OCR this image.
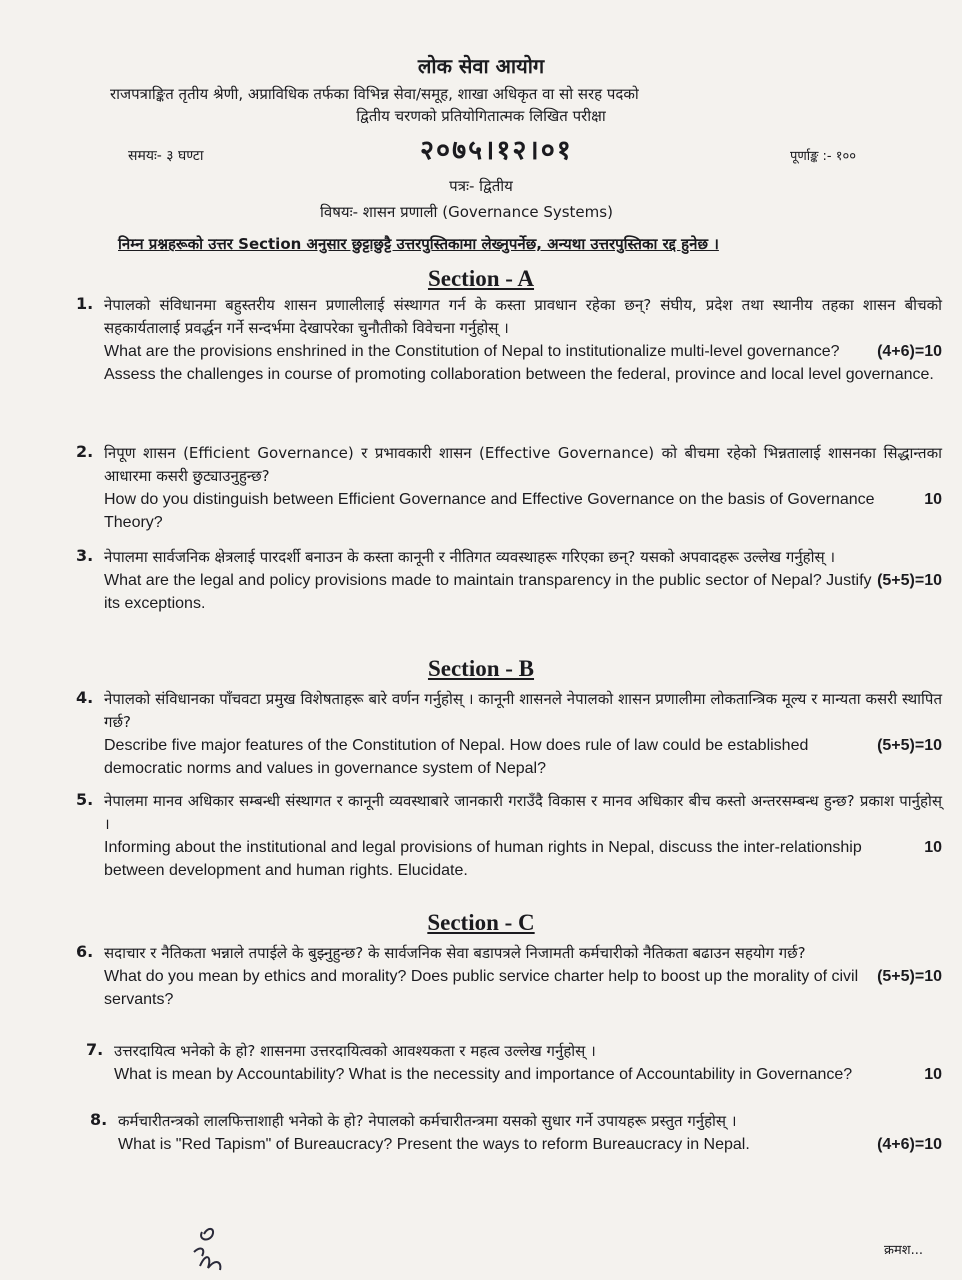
लोक सेवा आयोग
राजपत्राङ्कित तृतीय श्रेणी, अप्राविधिक तर्फका विभिन्न सेवा/समूह, शाखा अधिकृत वा सो सरह पदको
द्वितीय चरणको प्रतियोगितात्मक लिखित परीक्षा
२०७५।१२।०१
समयः- ३ घण्टा	पूर्णाङ्क :- १००
पत्रः- द्वितीय
विषयः- शासन प्रणाली (Governance Systems)
निम्न प्रश्नहरूको उत्तर Section अनुसार छुट्टाछुट्टै उत्तरपुस्तिकामा लेख्नुपर्नेछ, अन्यथा उत्तरपुस्तिका रद्द हुनेछ ।
Section - A
1. नेपालको संविधानमा बहुस्तरीय शासन प्रणालीलाई संस्थागत गर्न के कस्ता प्रावधान रहेका छन्? संघीय, प्रदेश तथा स्थानीय तहका शासन बीचको सहकार्यतालाई प्रवर्द्धन गर्ने सन्दर्भमा देखापरेका चुनौतीको विवेचना गर्नुहोस् ।
(4+6)=10
What are the provisions enshrined in the Constitution of Nepal to institutionalize multi-level governance? Assess the challenges in course of promoting collaboration between the federal, province and local level governance.
2. निपूण शासन (Efficient Governance) र प्रभावकारी शासन (Effective Governance) को बीचमा रहेको भिन्नतालाई शासनका सिद्धान्तका आधारमा कसरी छुट्याउनुहुन्छ?
10
How do you distinguish between Efficient Governance and Effective Governance on the basis of Governance Theory?
3. नेपालमा सार्वजनिक क्षेत्रलाई पारदर्शी बनाउन के कस्ता कानूनी र नीतिगत व्यवस्थाहरू गरिएका छन्? यसको अपवादहरू उल्लेख गर्नुहोस् ।
(5+5)=10
What are the legal and policy provisions made to maintain transparency in the public sector of Nepal? Justify its exceptions.
Section - B
4. नेपालको संविधानका पाँचवटा प्रमुख विशेषताहरू बारे वर्णन गर्नुहोस् । कानूनी शासनले नेपालको शासन प्रणालीमा लोकतान्त्रिक मूल्य र मान्यता कसरी स्थापित गर्छ?
(5+5)=10
Describe five major features of the Constitution of Nepal. How does rule of law could be established democratic norms and values in governance system of Nepal?
5. नेपालमा मानव अधिकार सम्बन्धी संस्थागत र कानूनी व्यवस्थाबारे जानकारी गराउँदै विकास र मानव अधिकार बीच कस्तो अन्तरसम्बन्ध हुन्छ? प्रकाश पार्नुहोस् ।
10
Informing about the institutional and legal provisions of human rights in Nepal, discuss the inter-relationship between development and human rights. Elucidate.
Section - C
6. सदाचार र नैतिकता भन्नाले तपाईले के बुझ्नुहुन्छ? के सार्वजनिक सेवा बडापत्रले निजामती कर्मचारीको नैतिकता बढाउन सहयोग गर्छ?
(5+5)=10
What do you mean by ethics and morality? Does public service charter help to boost up the morality of civil servants?
7. उत्तरदायित्व भनेको के हो? शासनमा उत्तरदायित्वको आवश्यकता र महत्व उल्लेख गर्नुहोस् ।
10
What is mean by Accountability? What is the necessity and importance of Accountability in Governance?
8. कर्मचारीतन्त्रको लालफित्ताशाही भनेको के हो? नेपालको कर्मचारीतन्त्रमा यसको सुधार गर्ने उपायहरू प्रस्तुत गर्नुहोस् ।
(4+6)=10
What is "Red Tapism" of Bureaucracy? Present the ways to reform Bureaucracy in Nepal.
क्रमश...
